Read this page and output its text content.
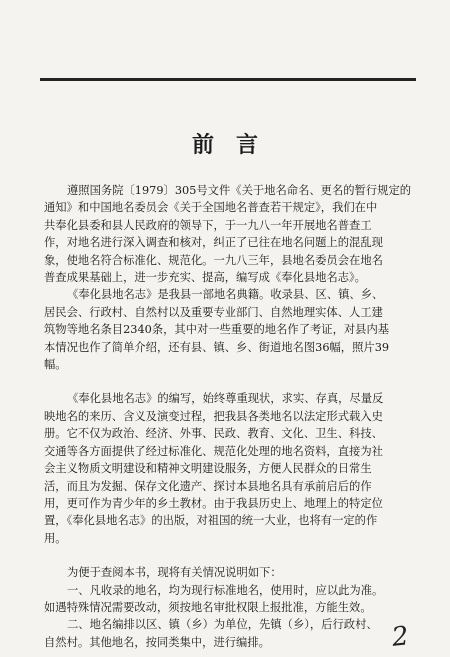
前言

遵照国务院〔1979〕305号文件《关于地名命名、更名的暂行规定的
通知》和中国地名委员会《关于全国地名普查若干规定》，我们在中
共奉化县委和县人民政府的领导下，于一九八一年开展地名普查工
作，对地名进行深入调查和核对，纠正了已往在地名问题上的混乱现
象，使地名符合标准化、规范化。一九八三年，县地名委员会在地名
普查成果基础上，进一步充实、提高，编写成《奉化县地名志》。

《奉化县地名志》是我县一部地名典籍。收录县、区、镇、乡、
居民会、行政村、自然村以及重要专业部门、自然地理实体、人工建
筑物等地名条目2340条，其中对一些重要的地名作了考证，对县内基
本情况也作了简单介绍，还有县、镇、乡、街道地名图36幅，照片39
幅。

《奉化县地名志》的编写，始终尊重现状，求实、存真，尽量反
映地名的来历、含义及演变过程，把我县各类地名以法定形式载入史
册。它不仅为政治、经济、外事、民政、教育、文化、卫生、科技、
交通等各方面提供了经过标准化、规范化处理的地名资料，直接为社
会主义物质文明建设和精神文明建设服务，方便人民群众的日常生
活，而且为发掘、保存文化遗产、探讨本县地名具有承前启后的作
用，更可作为青少年的乡土教材。由于我县历史上、地理上的特定位
置，《奉化县地名志》的出版，对祖国的统一大业，也将有一定的作
用。

为便于查阅本书，现将有关情况说明如下：
一、凡收录的地名，均为现行标准地名，使用时，应以此为准。
如遇特殊情况需要改动，须按地名审批权限上报批准，方能生效。
二、地名编排以区、镇（乡）为单位，先镇（乡），后行政村、
自然村。其他地名，按同类集中，进行编排。	2
